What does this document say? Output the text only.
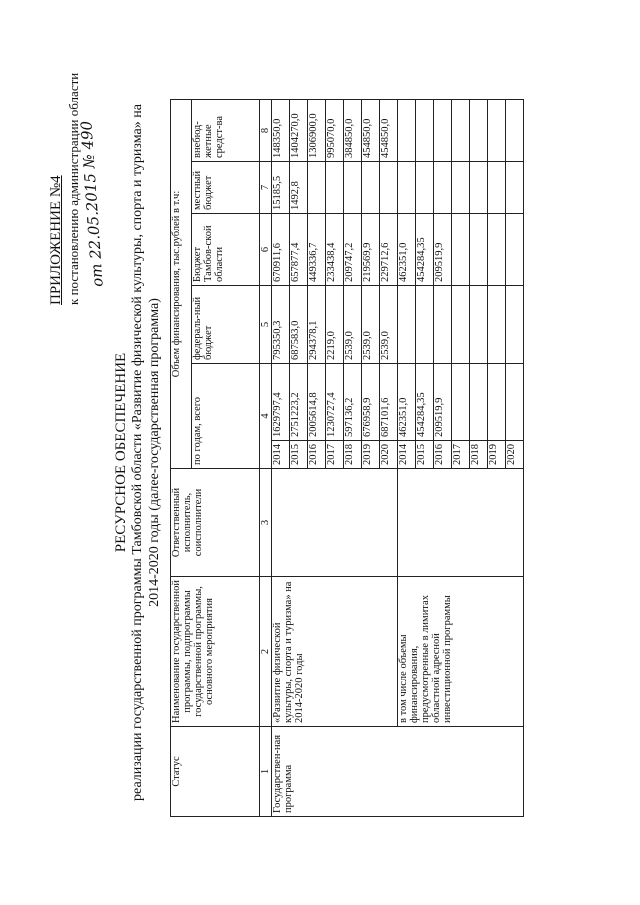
ПРИЛОЖЕНИЕ №4 к постановлению администрации области
от 22.05.2015 № 490
РЕСУРСНОЕ ОБЕСПЕЧЕНИЕ реализации государственной программы Тамбовской области «Развитие физической культуры, спорта и туризма» на 2014-2020 годы (далее-государственная программа)
Статус	Наименование государственной программы, подпрограммы государственной программы, основного мероприятия	Ответственный исполнитель, соисполнители	Объем финансирования, тыс.рублей в т.ч:					
			по годам, всего		федераль-ный бюджет	Бюджет Тамбов-ской области	местный бюджет	внебюд-жетные средст-ва
1	2	3	4		5	6	7	8
Государствен-ная программа	«Развитие физической культуры, спорта и туризма» на 2014-2020 годы		2014	1629797,4	795350,3	670911,6	15185,5	148350,0
			2015	2751223,2	687583,0	657877,4	1492,8	1404270,0
			2016	2005614,8	294378,1	449336,7		1306900,0
			2017	1230727,4	2219,0	233438,4		995070,0
			2018	597136,2	2539,0	209747,2		384850,0
			2019	676958,9	2539,0	219569,9		454850,0
			2020	687101,6	2539,0	229712,6		454850,0
	в том числе объемы финансирования, предусмотренные в лимитах областной адресной инвестиционной программы		2014	462351,0		462351,0		
			2015	454284,35		454284,35		
			2016	209519,9		209519,9		
			2017					
			2018					
			2019					
			2020					
